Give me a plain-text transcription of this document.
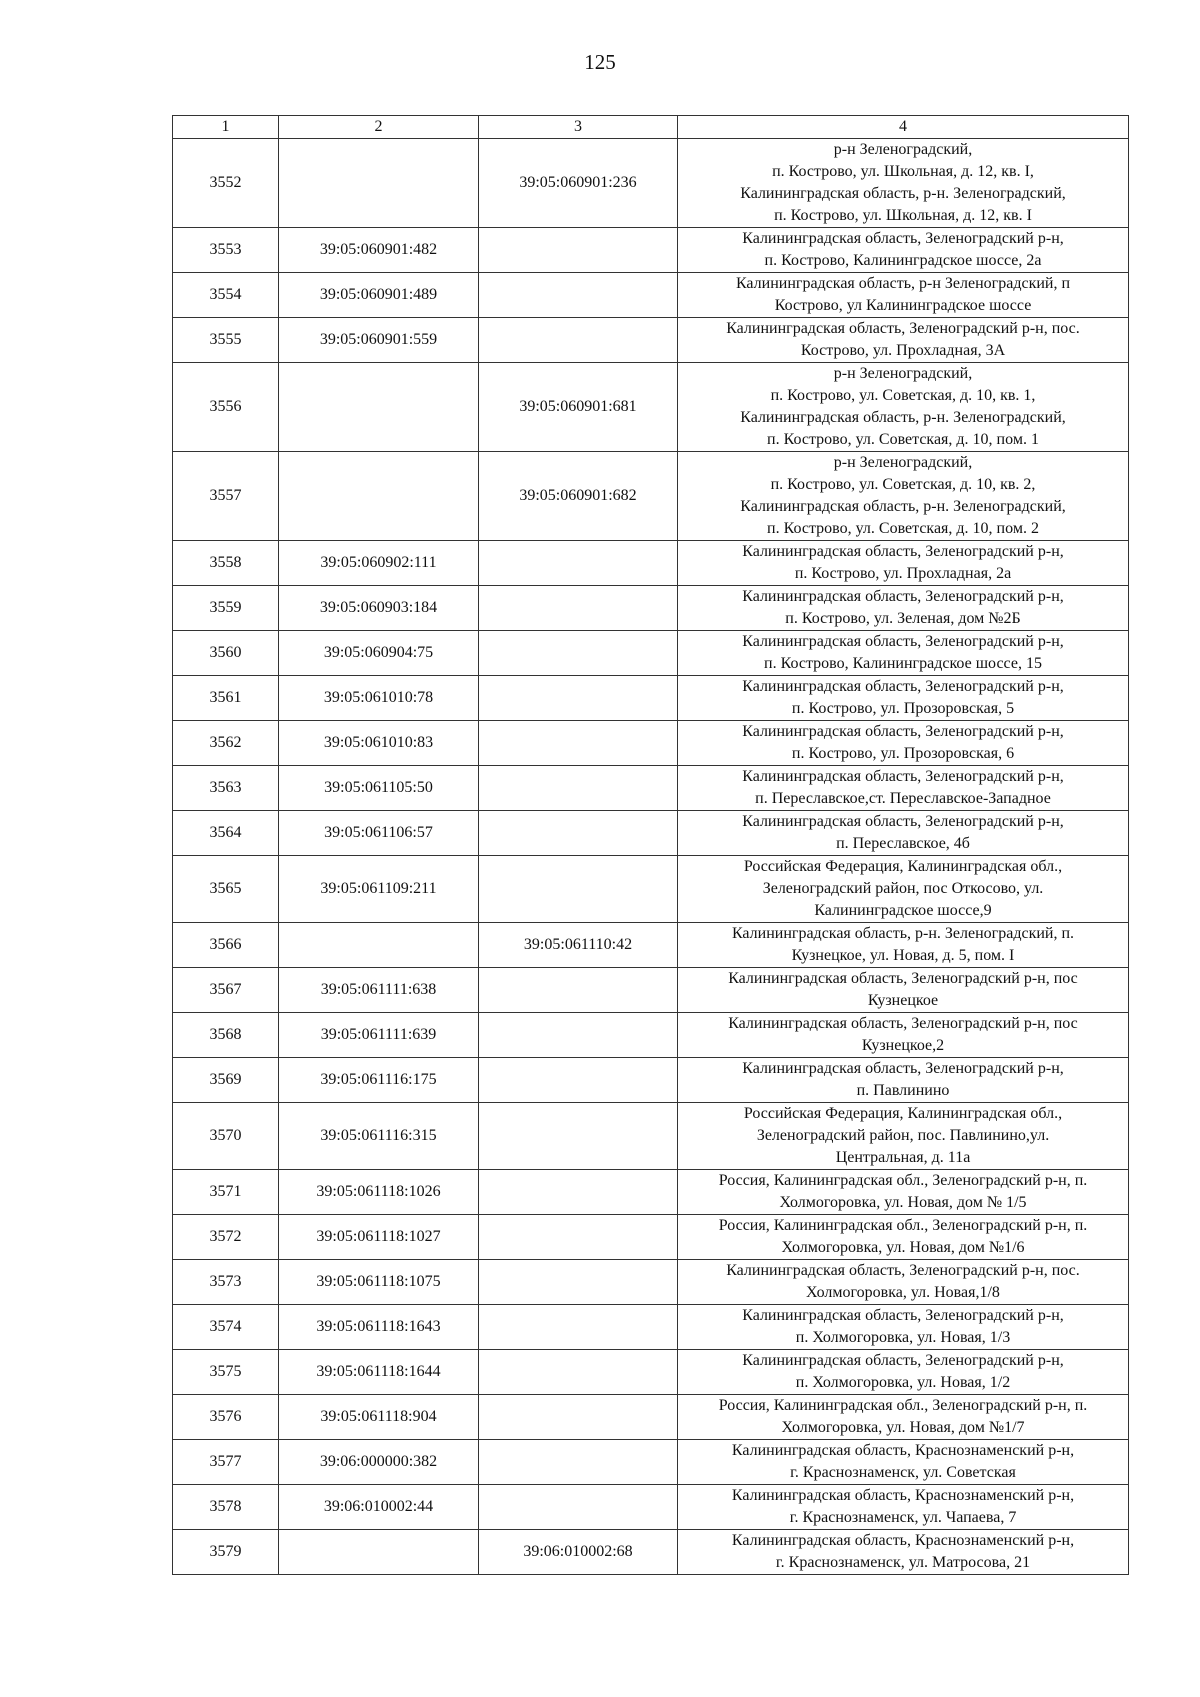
125
1	2	3	4
3552		39:05:060901:236	р-н Зеленоградский,
п. Кострово, ул. Школьная, д. 12, кв. I,
Калининградская область, р-н. Зеленоградский,
п. Кострово, ул. Школьная, д. 12, кв. I

3553	39:05:060901:482		Калининградская область, Зеленоградский р-н,
п. Кострово, Калининградское шоссе, 2а

3554	39:05:060901:489		Калининградская область, р-н Зеленоградский, п
Кострово, ул Калининградское шоссе

3555	39:05:060901:559		Калининградская область, Зеленоградский р-н, пос.
Кострово, ул. Прохладная, 3А

3556		39:05:060901:681	р-н Зеленоградский,
п. Кострово, ул. Советская, д. 10, кв. 1,
Калининградская область, р-н. Зеленоградский,
п. Кострово, ул. Советская, д. 10, пом. 1

3557		39:05:060901:682	р-н Зеленоградский,
п. Кострово, ул. Советская, д. 10, кв. 2,
Калининградская область, р-н. Зеленоградский,
п. Кострово, ул. Советская, д. 10, пом. 2

3558	39:05:060902:111		Калининградская область, Зеленоградский р-н,
п. Кострово, ул. Прохладная, 2а

3559	39:05:060903:184		Калининградская область, Зеленоградский р-н,
п. Кострово, ул. Зеленая, дом №2Б

3560	39:05:060904:75		Калининградская область, Зеленоградский р-н,
п. Кострово, Калининградское шоссе, 15

3561	39:05:061010:78		Калининградская область, Зеленоградский р-н,
п. Кострово, ул. Прозоровская, 5

3562	39:05:061010:83		Калининградская область, Зеленоградский р-н,
п. Кострово, ул. Прозоровская, 6

3563	39:05:061105:50		Калининградская область, Зеленоградский р-н,
п. Переславское,ст. Переславское-Западное

3564	39:05:061106:57		Калининградская область, Зеленоградский р-н,
п. Переславское, 4б

3565	39:05:061109:211		Российская Федерация, Калининградская обл.,
Зеленоградский район, пос Откосово, ул.
Калининградское шоссе,9

3566		39:05:061110:42	Калининградская область, р-н. Зеленоградский, п.
Кузнецкое, ул. Новая, д. 5, пом. I

3567	39:05:061111:638		Калининградская область, Зеленоградский р-н, пос
Кузнецкое

3568	39:05:061111:639		Калининградская область, Зеленоградский р-н, пос
Кузнецкое,2

3569	39:05:061116:175		Калининградская область, Зеленоградский р-н,
п. Павлинино

3570	39:05:061116:315		Российская Федерация, Калининградская обл.,
Зеленоградский район, пос. Павлинино,ул.
Центральная, д. 11а

3571	39:05:061118:1026		Россия, Калининградская обл., Зеленоградский р-н, п.
Холмогоровка, ул. Новая, дом № 1/5

3572	39:05:061118:1027		Россия, Калининградская обл., Зеленоградский р-н, п.
Холмогоровка, ул. Новая, дом №1/6

3573	39:05:061118:1075		Калининградская область, Зеленоградский р-н, пос.
Холмогоровка, ул. Новая,1/8

3574	39:05:061118:1643		Калининградская область, Зеленоградский р-н,
п. Холмогоровка, ул. Новая, 1/3

3575	39:05:061118:1644		Калининградская область, Зеленоградский р-н,
п. Холмогоровка, ул. Новая, 1/2

3576	39:05:061118:904		Россия, Калининградская обл., Зеленоградский р-н, п.
Холмогоровка, ул. Новая, дом №1/7

3577	39:06:000000:382		Калининградская область, Краснознаменский р-н,
г. Краснознаменск, ул. Советская

3578	39:06:010002:44		Калининградская область, Краснознаменский р-н,
г. Краснознаменск, ул. Чапаева, 7

3579		39:06:010002:68	Калининградская область, Краснознаменский р-н,
г. Краснознаменск, ул. Матросова, 21
